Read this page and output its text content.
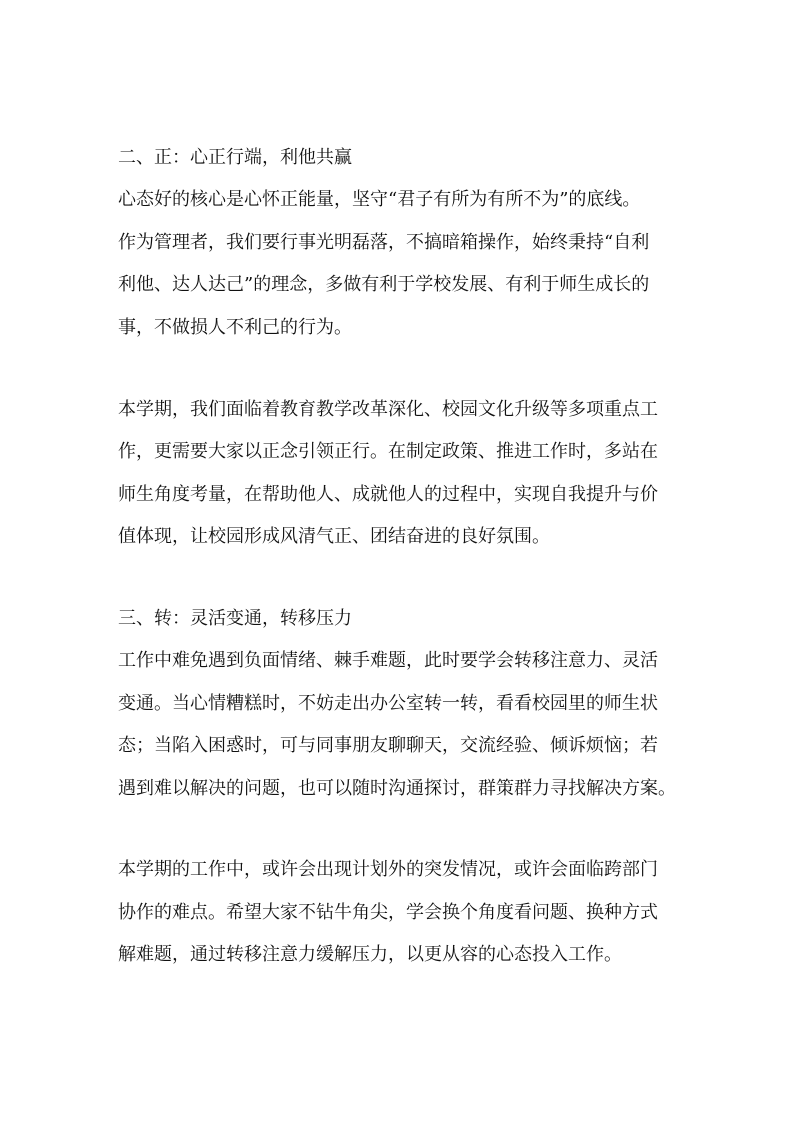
二、正：心正行端，利他共赢
心态好的核心是心怀正能量，坚守“君子有所为有所不为”的底线。
作为管理者，我们要行事光明磊落，不搞暗箱操作，始终秉持“自利
利他、达人达己”的理念，多做有利于学校发展、有利于师生成长的
事，不做损人不利己的行为。
本学期，我们面临着教育教学改革深化、校园文化升级等多项重点工
作，更需要大家以正念引领正行。在制定政策、推进工作时，多站在
师生角度考量，在帮助他人、成就他人的过程中，实现自我提升与价
值体现，让校园形成风清气正、团结奋进的良好氛围。
三、转：灵活变通，转移压力
工作中难免遇到负面情绪、棘手难题，此时要学会转移注意力、灵活
变通。当心情糟糕时，不妨走出办公室转一转，看看校园里的师生状
态；当陷入困惑时，可与同事朋友聊聊天，交流经验、倾诉烦恼；若
遇到难以解决的问题，也可以随时沟通探讨，群策群力寻找解决方案。
本学期的工作中，或许会出现计划外的突发情况，或许会面临跨部门
协作的难点。希望大家不钻牛角尖，学会换个角度看问题、换种方式
解难题，通过转移注意力缓解压力，以更从容的心态投入工作。
